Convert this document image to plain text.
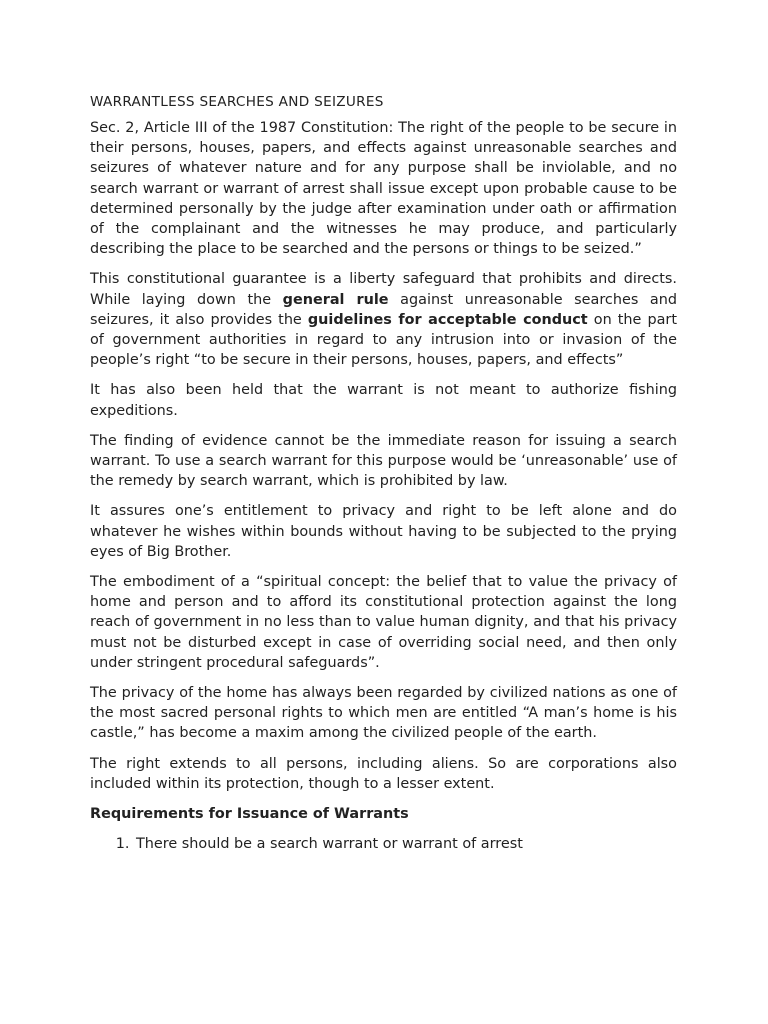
WARRANTLESS SEARCHES AND SEIZURES

Sec. 2, Article III of the 1987 Constitution: The right of the people to be secure in their persons, houses, papers, and effects against unreasonable searches and seizures of whatever nature and for any purpose shall be inviolable, and no search warrant or warrant of arrest shall issue except upon probable cause to be determined personally by the judge after examination under oath or affirmation of the complainant and the witnesses he may produce, and particularly describing the place to be searched and the persons or things to be seized.”

This constitutional guarantee is a liberty safeguard that prohibits and directs. While laying down the general rule against unreasonable searches and seizures, it also provides the guidelines for acceptable conduct on the part of government authorities in regard to any intrusion into or invasion of the people’s right “to be secure in their persons, houses, papers, and effects”

It has also been held that the warrant is not meant to authorize fishing expeditions.

The finding of evidence cannot be the immediate reason for issuing a search warrant. To use a search warrant for this purpose would be ‘unreasonable’ use of the remedy by search warrant, which is prohibited by law.

It assures one’s entitlement to privacy and right to be left alone and do whatever he wishes within bounds without having to be subjected to the prying eyes of Big Brother.

The embodiment of a “spiritual concept: the belief that to value the privacy of home and person and to afford its constitutional protection against the long reach of government in no less than to value human dignity, and that his privacy must not be disturbed except in case of overriding social need, and then only under stringent procedural safeguards”.

The privacy of the home has always been regarded by civilized nations as one of the most sacred personal rights to which men are entitled “A man’s home is his castle,” has become a maxim among the civilized people of the earth.

The right extends to all persons, including aliens. So are corporations also included within its protection, though to a lesser extent.

Requirements for Issuance of Warrants
1. There should be a search warrant or warrant of arrest
